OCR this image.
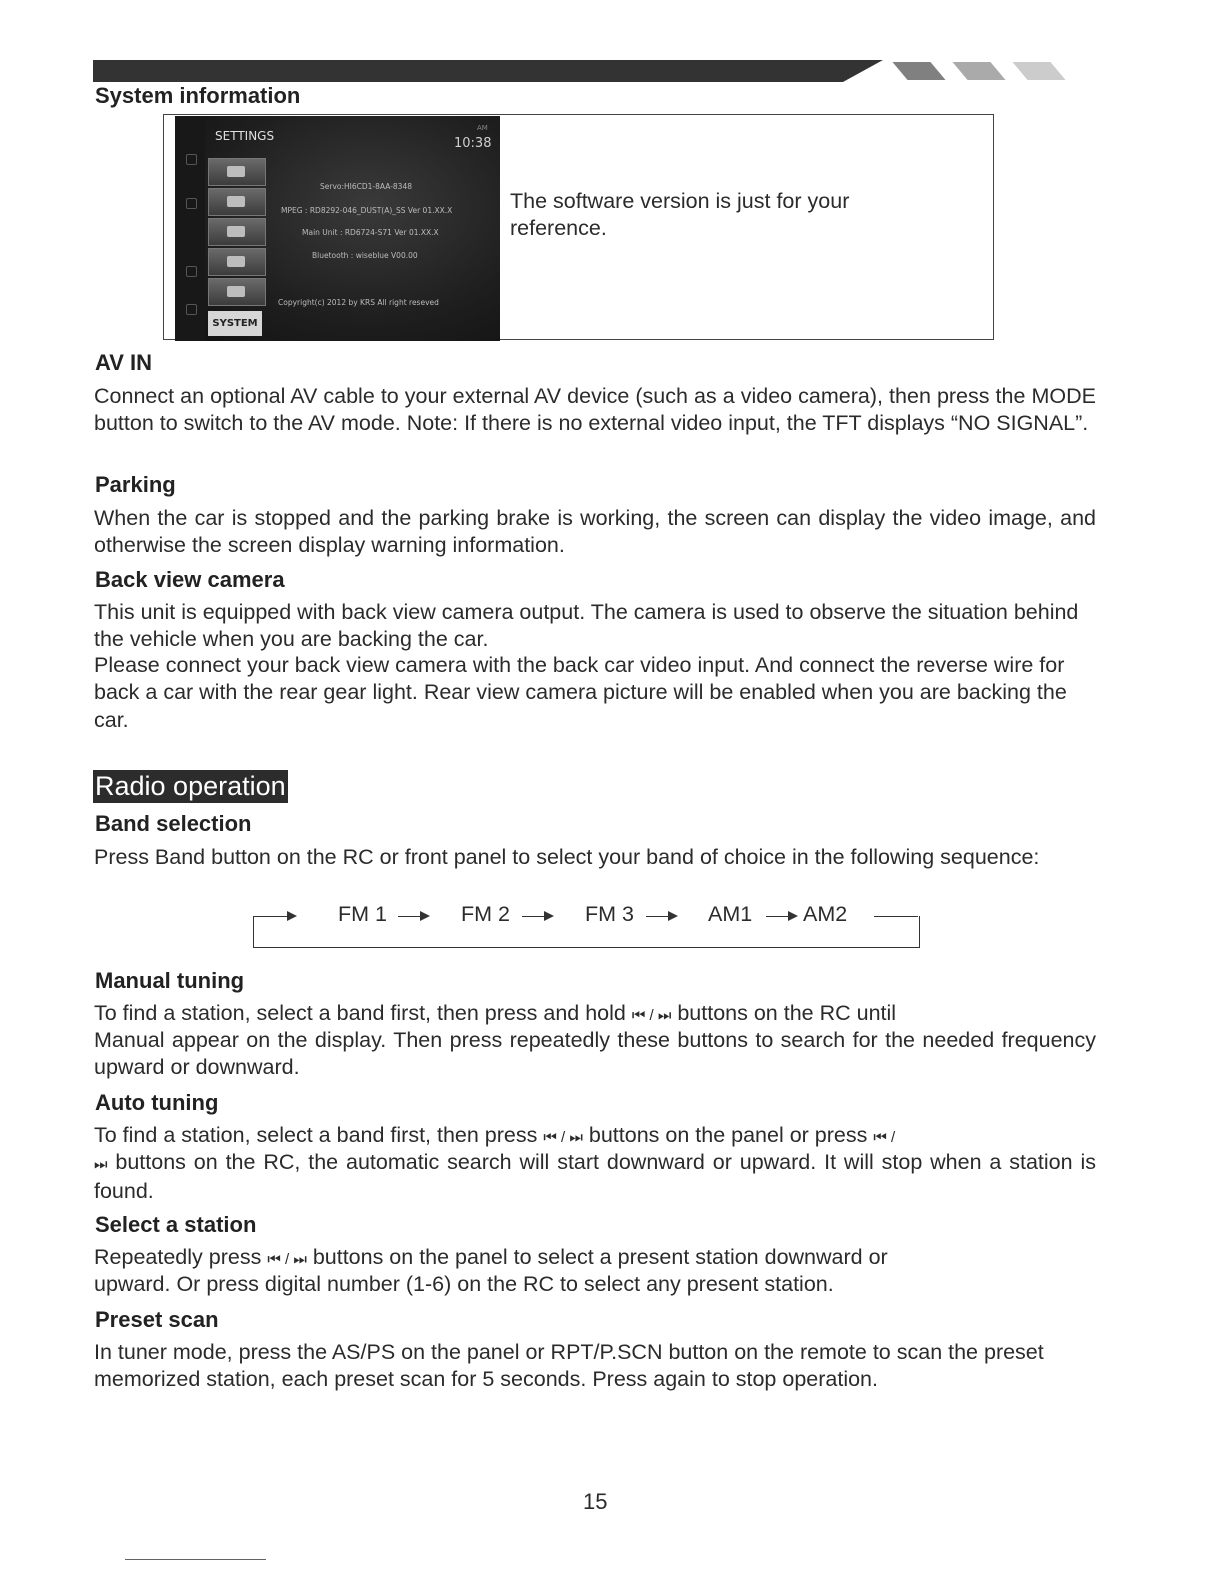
System information
SETTINGS
AM
10:38
SYSTEM
Servo:HI6CD1-8AA-8348
MPEG : RD8292-046_DUST(A)_SS Ver 01.XX.X
Main Unit : RD6724-S71 Ver 01.XX.X
Bluetooth : wiseblue V00.00
Copyright(c) 2012 by KRS All right reseved
The software version is just for your
reference.
AV IN

Connect an optional AV cable to your external AV device (such as a video camera), then press the MODE button to switch to the AV mode. Note: If there is no external video input, the TFT displays “NO SIGNAL”.

Parking

When the car is stopped and the parking brake is working, the screen can display the video image, and otherwise the screen display warning information.

Back view camera

This unit is equipped with back view camera output. The camera is used to observe the situation behind the vehicle when you are backing the car.

Please connect your back view camera with the back car video input. And connect the reverse wire for back a car with the rear gear light. Rear view camera picture will be enabled when you are backing the car.

Radio operation
Band selection

Press Band button on the RC or front panel to select your band of choice in the following sequence:

FM 1	FM 2	FM 3	AM1 AM2
Manual tuning

To find a station, select a band first, then press and hold ⏮ / ⏭ buttons on the RC until

Manual appear on the display. Then press repeatedly these buttons to search for the needed frequency upward or downward.

Auto tuning

To find a station, select a band first, then press ⏮ / ⏭ buttons on the panel or press ⏮ /

⏭ buttons on the RC, the automatic search will start downward or upward. It will stop when a station is found.

Select a station

Repeatedly press ⏮ / ⏭ buttons on the panel to select a present station downward or

upward. Or press digital number (1-6) on the RC to select any present station.

Preset scan

In tuner mode, press the AS/PS on the panel or RPT/P.SCN button on the remote to scan the preset memorized station, each preset scan for 5 seconds. Press again to stop operation.

15
